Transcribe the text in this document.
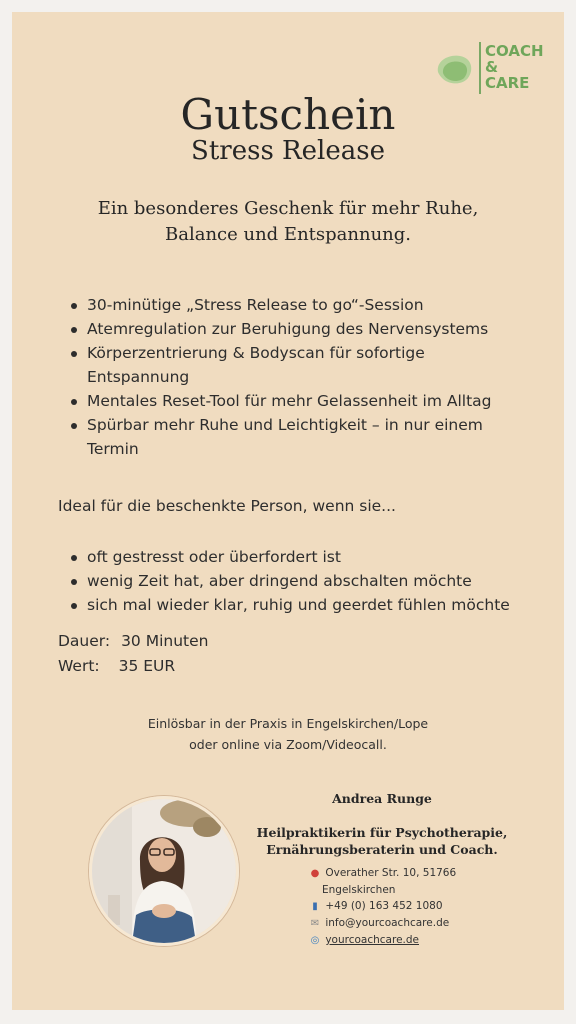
COACH
&
CARE
Gutschein
Stress Release
Ein besonderes Geschenk für mehr Ruhe,
Balance und Entspannung.
30-minütige „Stress Release to go“-Session
Atemregulation zur Beruhigung des Nervensystems
Körperzentrierung & Bodyscan für sofortige Entspannung
Mentales Reset-Tool für mehr Gelassenheit im Alltag
Spürbar mehr Ruhe und Leichtigkeit – in nur einem Termin
Ideal für die beschenkte Person, wenn sie...
oft gestresst oder überfordert ist
wenig Zeit hat, aber dringend abschalten möchte
sich mal wieder klar, ruhig und geerdet fühlen möchte
Dauer: 30 Minuten
Wert: 35 EUR
Einlösbar in der Praxis in Engelskirchen/Lope
oder online via Zoom/Videocall.
Andrea Runge
Heilpraktikerin für Psychotherapie,
Ernährungsberaterin und Coach.
● Overather Str. 10, 51766
Engelskirchen
▮ +49 (0) 163 452 1080
✉ info@yourcoachcare.de
◎ yourcoachcare.de
